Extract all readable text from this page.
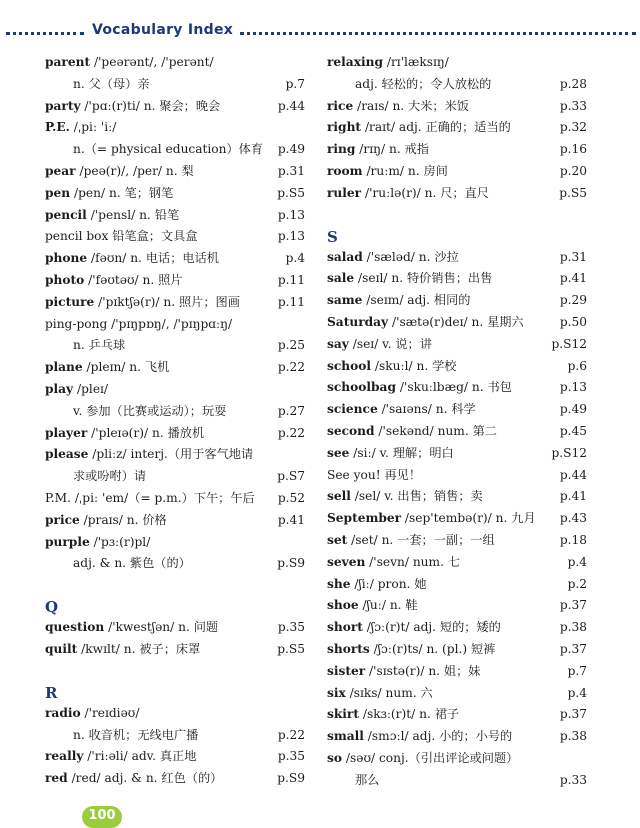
Vocabulary Index
parent /'peərənt/, /'perənt/
n. 父（母）亲	p.7
party /'pɑː(r)ti/ n. 聚会；晚会	p.44
P.E. /ˌpiː 'iː/
n.（= physical education）体育 p.49
pear /peə(r)/, /per/ n. 梨	p.31
pen /pen/ n. 笔；钢笔	p.S5
pencil /'pensl/ n. 铅笔	p.13
pencil box 铅笔盒；文具盒	p.13
phone /fəʊn/ n. 电话；电话机	p.4
photo /'fəʊtəʊ/ n. 照片	p.11
picture /'pɪktʃə(r)/ n. 照片；图画	p.11
ping-pong /'pɪŋpɒŋ/, /'pɪŋpɑːŋ/
n. 乒乓球	p.25
plane /pleɪn/ n. 飞机	p.22
play /pleɪ/
v. 参加（比赛或运动）；玩耍	p.27
player /'pleɪə(r)/ n. 播放机	p.22
please /pliːz/ interj.（用于客气地请
求或吩咐）请	p.S7
P.M. /ˌpiː 'em/（= p.m.）下午；午后 p.52
price /praɪs/ n. 价格	p.41
purple /'pɜː(r)pl/
adj. & n. 紫色（的）	p.S9
Q
question /'kwestʃən/ n. 问题	p.35
quilt /kwɪlt/ n. 被子；床罩	p.S5
R
radio /'reɪdiəʊ/
n. 收音机；无线电广播	p.22
really /'riːəli/ adv. 真正地	p.35
red /red/ adj. & n. 红色（的）	p.S9
relaxing /rɪ'læksɪŋ/
adj. 轻松的；令人放松的	p.28
rice /raɪs/ n. 大米；米饭	p.33
right /raɪt/ adj. 正确的；适当的	p.32
ring /rɪŋ/ n. 戒指	p.16
room /ruːm/ n. 房间	p.20
ruler /'ruːlə(r)/ n. 尺；直尺	p.S5
S
salad /'sæləd/ n. 沙拉	p.31
sale /seɪl/ n. 特价销售；出售	p.41
same /seɪm/ adj. 相同的	p.29
Saturday /'sætə(r)deɪ/ n. 星期六	p.50
say /seɪ/ v. 说；讲	p.S12
school /skuːl/ n. 学校	p.6
schoolbag /'skuːlbæg/ n. 书包	p.13
science /'saɪəns/ n. 科学	p.49
second /'sekənd/ num. 第二	p.45
see /siː/ v. 理解；明白	p.S12
See you! 再见！	p.44
sell /sel/ v. 出售；销售；卖	p.41
September /sep'tembə(r)/ n. 九月 p.43
set /set/ n. 一套；一副；一组	p.18
seven /'sevn/ num. 七	p.4
she /ʃiː/ pron. 她	p.2
shoe /ʃuː/ n. 鞋	p.37
short /ʃɔː(r)t/ adj. 短的；矮的	p.38
shorts /ʃɔː(r)ts/ n. (pl.) 短裤	p.37
sister /'sɪstə(r)/ n. 姐；妹	p.7
six /sɪks/ num. 六	p.4
skirt /skɜː(r)t/ n. 裙子	p.37
small /smɔːl/ adj. 小的；小号的	p.38
so /səʊ/ conj.（引出评论或问题）
那么	p.33
100
